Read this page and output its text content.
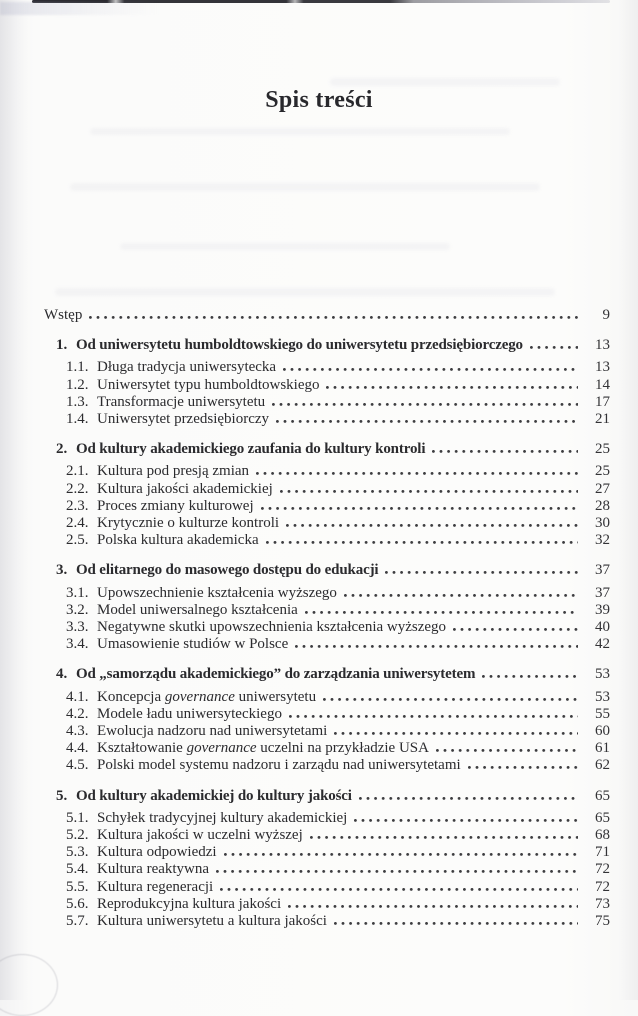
Spis treści
Wstęp	9
1. Od uniwersytetu humboldtowskiego do uniwersytetu przedsiębiorczego	13
1.1. Długa tradycja uniwersytecka	13
1.2. Uniwersytet typu humboldtowskiego	14
1.3. Transformacje uniwersytetu	17
1.4. Uniwersytet przedsiębiorczy	21
2. Od kultury akademickiego zaufania do kultury kontroli	25
2.1. Kultura pod presją zmian	25
2.2. Kultura jakości akademickiej	27
2.3. Proces zmiany kulturowej	28
2.4. Krytycznie o kulturze kontroli	30
2.5. Polska kultura akademicka	32
3. Od elitarnego do masowego dostępu do edukacji	37
3.1. Upowszechnienie kształcenia wyższego	37
3.2. Model uniwersalnego kształcenia	39
3.3. Negatywne skutki upowszechnienia kształcenia wyższego	40
3.4. Umasowienie studiów w Polsce	42
4. Od „samorządu akademickiego” do zarządzania uniwersytetem	53
4.1. Koncepcja governance uniwersytetu	53
4.2. Modele ładu uniwersyteckiego	55
4.3. Ewolucja nadzoru nad uniwersytetami	60
4.4. Kształtowanie governance uczelni na przykładzie USA	61
4.5. Polski model systemu nadzoru i zarządu nad uniwersytetami	62
5. Od kultury akademickiej do kultury jakości	65
5.1. Schyłek tradycyjnej kultury akademickiej	65
5.2. Kultura jakości w uczelni wyższej	68
5.3. Kultura odpowiedzi	71
5.4. Kultura reaktywna	72
5.5. Kultura regeneracji	72
5.6. Reprodukcyjna kultura jakości	73
5.7. Kultura uniwersytetu a kultura jakości	75
